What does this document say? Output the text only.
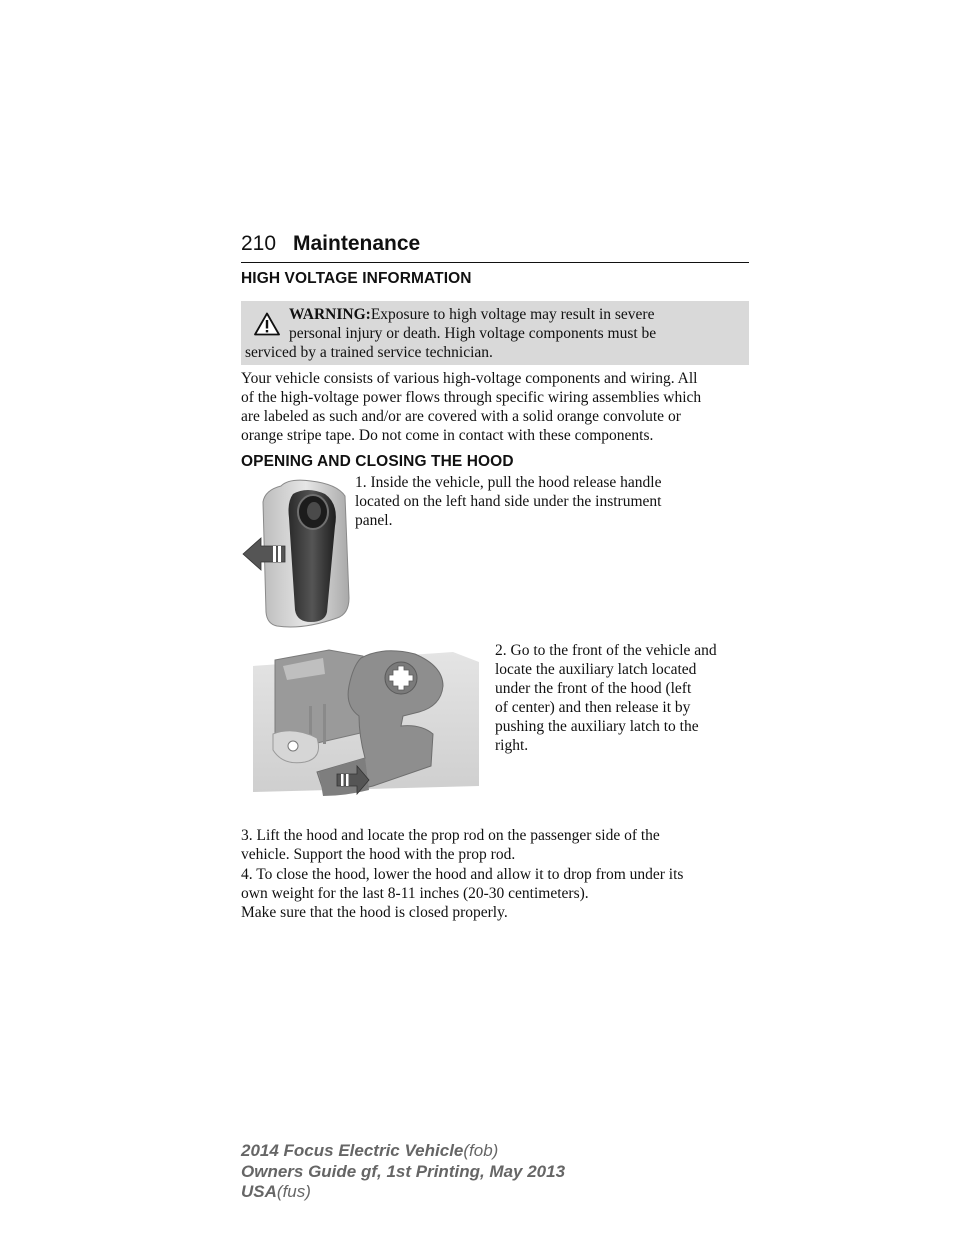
210 Maintenance
HIGH VOLTAGE INFORMATION
WARNING:Exposure to high voltage may result in severe
personal injury or death. High voltage components must be
serviced by a trained service technician.
Your vehicle consists of various high-voltage components and wiring. All
of the high-voltage power flows through specific wiring assemblies which
are labeled as such and/or are covered with a solid orange convolute or
orange stripe tape. Do not come in contact with these components.
OPENING AND CLOSING THE HOOD
1. Inside the vehicle, pull the hood release handle
located on the left hand side under the instrument
panel.
2. Go to the front of the vehicle and
locate the auxiliary latch located
under the front of the hood (left
of center) and then release it by
pushing the auxiliary latch to the
right.
3. Lift the hood and locate the prop rod on the passenger side of the
vehicle. Support the hood with the prop rod.
4. To close the hood, lower the hood and allow it to drop from under its
own weight for the last 8-11 inches (20-30 centimeters).
Make sure that the hood is closed properly.
2014 Focus Electric Vehicle(fob)
Owners Guide gf, 1st Printing, May 2013
USA(fus)
